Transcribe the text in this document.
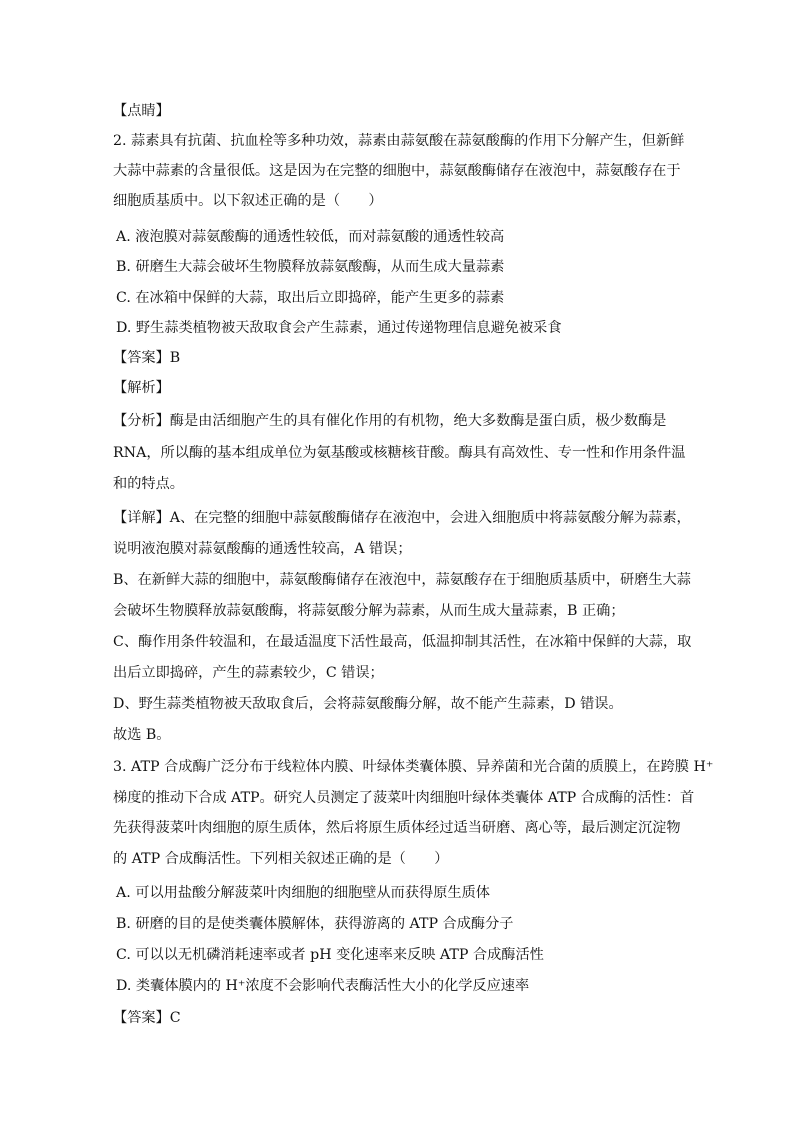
【点睛】
2. 蒜素具有抗菌、抗血栓等多种功效，蒜素由蒜氨酸在蒜氨酸酶的作用下分解产生，但新鲜
大蒜中蒜素的含量很低。这是因为在完整的细胞中，蒜氨酸酶储存在液泡中，蒜氨酸存在于
细胞质基质中。以下叙述正确的是（　　）
A. 液泡膜对蒜氨酸酶的通透性较低，而对蒜氨酸的通透性较高
B. 研磨生大蒜会破坏生物膜释放蒜氨酸酶，从而生成大量蒜素
C. 在冰箱中保鲜的大蒜，取出后立即捣碎，能产生更多的蒜素
D. 野生蒜类植物被天敌取食会产生蒜素，通过传递物理信息避免被采食
【答案】B
【解析】
【分析】酶是由活细胞产生的具有催化作用的有机物，绝大多数酶是蛋白质，极少数酶是
RNA，所以酶的基本组成单位为氨基酸或核糖核苷酸。酶具有高效性、专一性和作用条件温
和的特点。
【详解】A、在完整的细胞中蒜氨酸酶储存在液泡中，会进入细胞质中将蒜氨酸分解为蒜素，
说明液泡膜对蒜氨酸酶的通透性较高，A 错误；
B、在新鲜大蒜的细胞中，蒜氨酸酶储存在液泡中，蒜氨酸存在于细胞质基质中，研磨生大蒜
会破坏生物膜释放蒜氨酸酶，将蒜氨酸分解为蒜素，从而生成大量蒜素，B 正确；
C、酶作用条件较温和，在最适温度下活性最高，低温抑制其活性，在冰箱中保鲜的大蒜，取
出后立即捣碎，产生的蒜素较少，C 错误；
D、野生蒜类植物被天敌取食后，会将蒜氨酸酶分解，故不能产生蒜素，D 错误。
故选 B。
3. ATP 合成酶广泛分布于线粒体内膜、叶绿体类囊体膜、异养菌和光合菌的质膜上，在跨膜 H⁺
梯度的推动下合成 ATP。研究人员测定了菠菜叶肉细胞叶绿体类囊体 ATP 合成酶的活性：首
先获得菠菜叶肉细胞的原生质体，然后将原生质体经过适当研磨、离心等，最后测定沉淀物
的 ATP 合成酶活性。下列相关叙述正确的是（　　）
A. 可以用盐酸分解菠菜叶肉细胞的细胞壁从而获得原生质体
B. 研磨的目的是使类囊体膜解体，获得游离的 ATP 合成酶分子
C. 可以以无机磷消耗速率或者 pH 变化速率来反映 ATP 合成酶活性
D. 类囊体膜内的 H⁺浓度不会影响代表酶活性大小的化学反应速率
【答案】C
